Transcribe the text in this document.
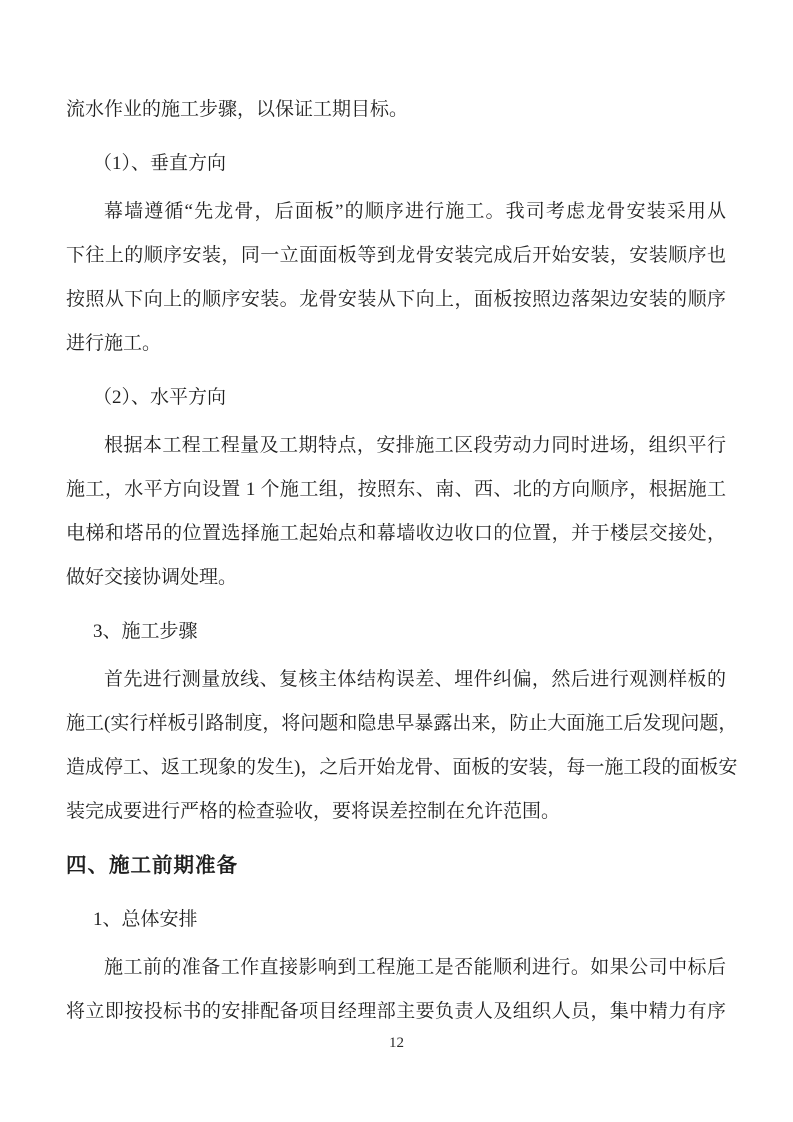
流水作业的施工步骤，以保证工期目标。
（1）、垂直方向
幕墙遵循“先龙骨，后面板”的顺序进行施工。我司考虑龙骨安装采用从
下往上的顺序安装，同一立面面板等到龙骨安装完成后开始安装，安装顺序也
按照从下向上的顺序安装。龙骨安装从下向上，面板按照边落架边安装的顺序
进行施工。
（2）、水平方向
根据本工程工程量及工期特点，安排施工区段劳动力同时进场，组织平行
施工，水平方向设置 1 个施工组，按照东、南、西、北的方向顺序，根据施工
电梯和塔吊的位置选择施工起始点和幕墙收边收口的位置，并于楼层交接处，
做好交接协调处理。
3、施工步骤
首先进行测量放线、复核主体结构误差、埋件纠偏，然后进行观测样板的
施工(实行样板引路制度，将问题和隐患早暴露出来，防止大面施工后发现问题，
造成停工、返工现象的发生)，之后开始龙骨、面板的安装，每一施工段的面板安
装完成要进行严格的检查验收，要将误差控制在允许范围。
四、施工前期准备
1、总体安排
施工前的准备工作直接影响到工程施工是否能顺利进行。如果公司中标后
将立即按投标书的安排配备项目经理部主要负责人及组织人员，集中精力有序
12
